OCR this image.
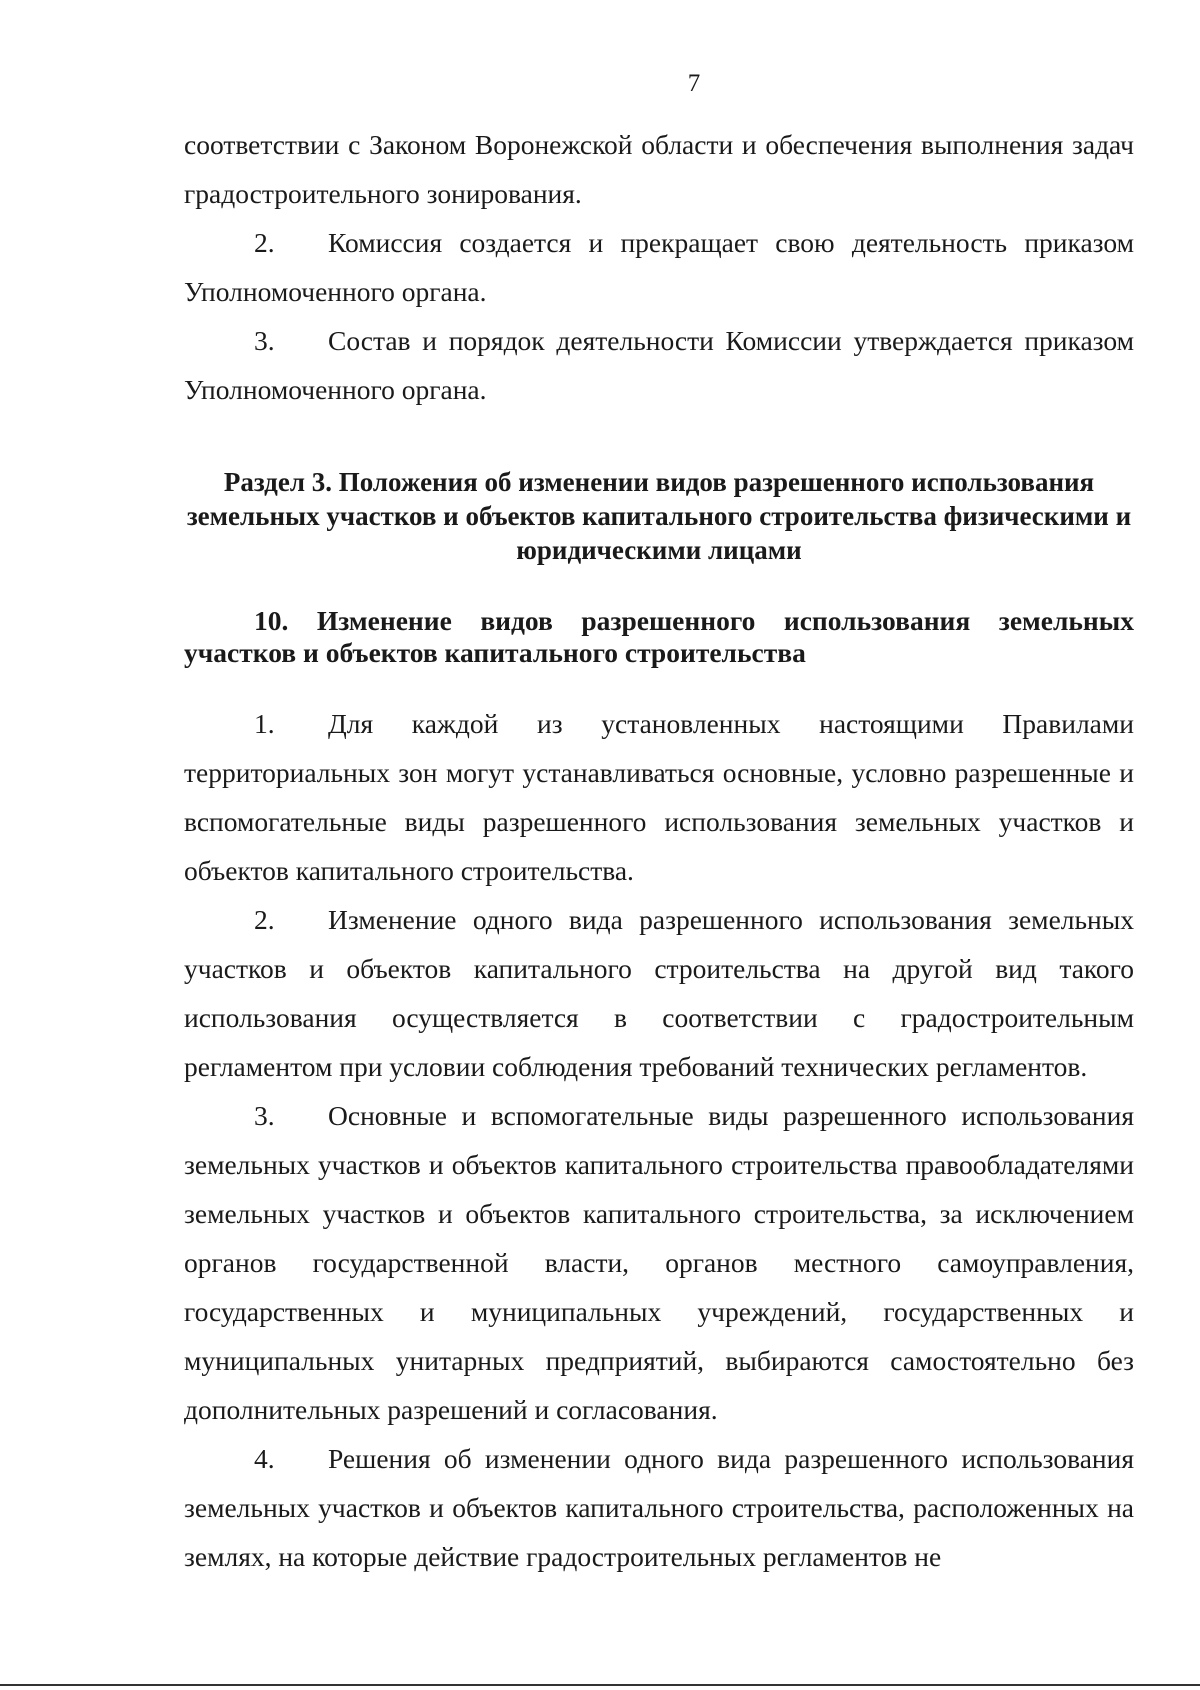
7

соответствии с Законом Воронежской области и обеспечения выполнения задач градостроительного зонирования.

2. Комиссия создается и прекращает свою деятельность приказом Уполномоченного органа.

3. Состав и порядок деятельности Комиссии утверждается приказом Уполномоченного органа.

Раздел 3. Положения об изменении видов разрешенного использования земельных участков и объектов капитального строительства физическими и юридическими лицами
10. Изменение видов разрешенного использования земельных участков и объектов капитального строительства

1. Для каждой из установленных настоящими Правилами территориальных зон могут устанавливаться основные, условно разрешенные и вспомогательные виды разрешенного использования земельных участков и объектов капитального строительства.

2. Изменение одного вида разрешенного использования земельных участков и объектов капитального строительства на другой вид такого использования осуществляется в соответствии с градостроительным регламентом при условии соблюдения требований технических регламентов.

3. Основные и вспомогательные виды разрешенного использования земельных участков и объектов капитального строительства правообладателями земельных участков и объектов капитального строительства, за исключением органов государственной власти, органов местного самоуправления, государственных и муниципальных учреждений, государственных и муниципальных унитарных предприятий, выбираются самостоятельно без дополнительных разрешений и согласования.

4. Решения об изменении одного вида разрешенного использования земельных участков и объектов капитального строительства, расположенных на землях, на которые действие градостроительных регламентов не
